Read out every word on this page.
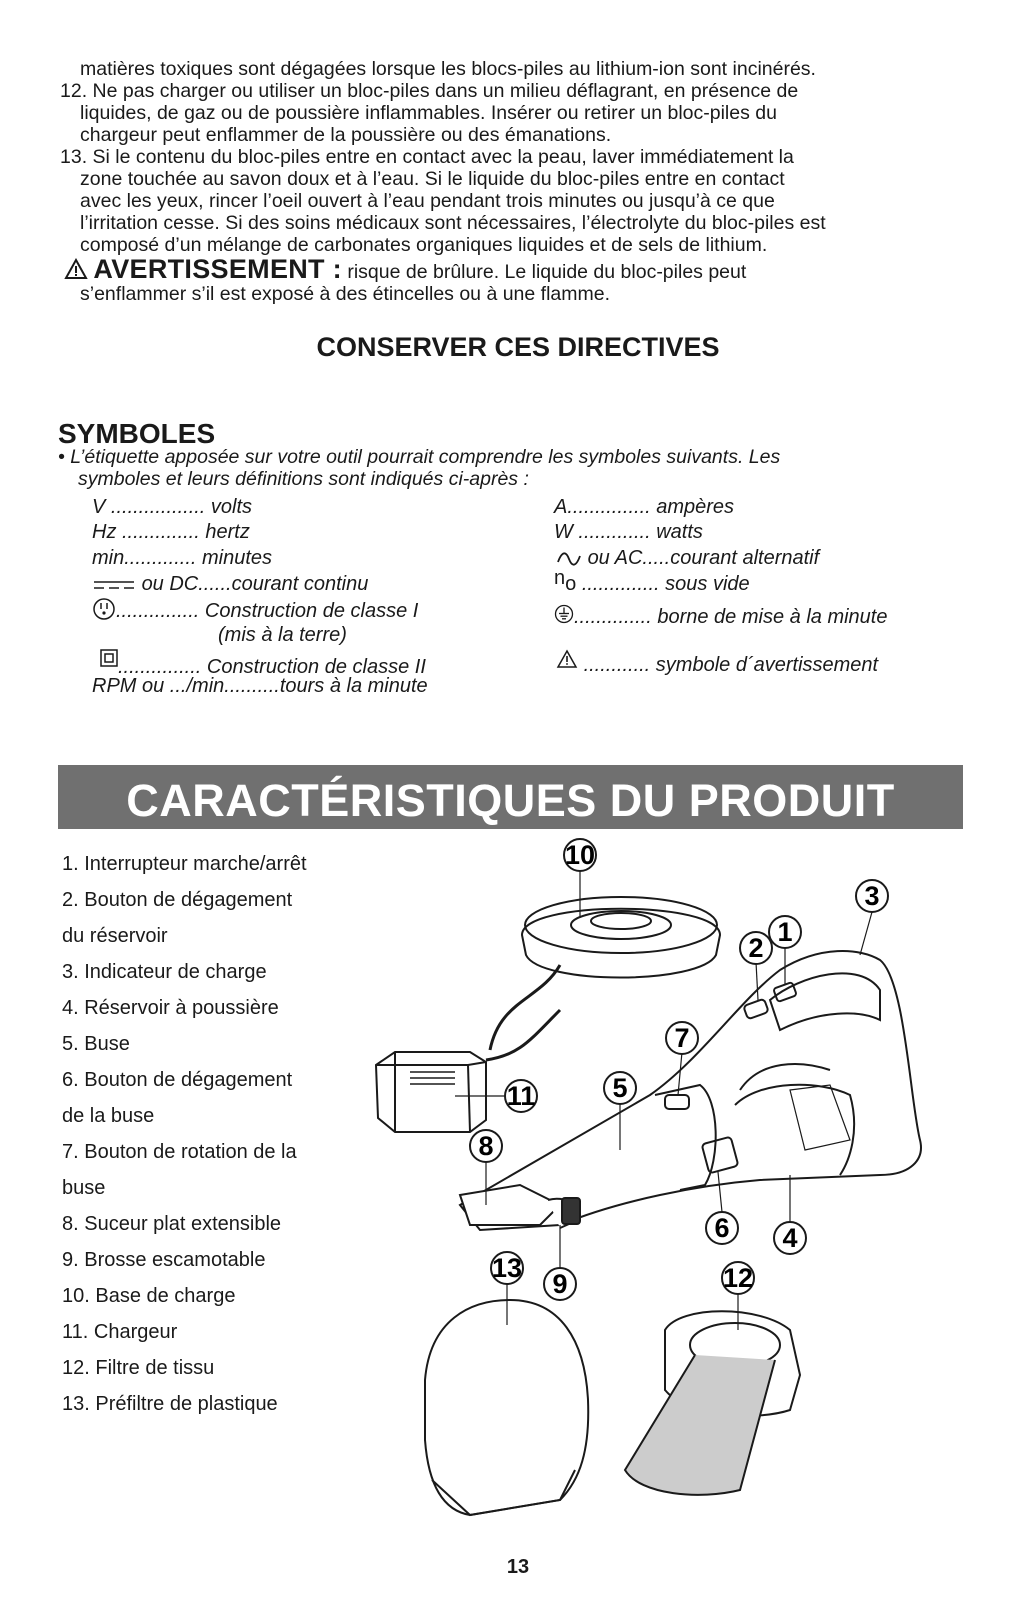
matières toxiques sont dégagées lorsque les blocs-piles au lithium-ion sont incinérés.
12. Ne pas charger ou utiliser un bloc-piles dans un milieu déflagrant, en présence de
liquides, de gaz ou de poussière inflammables. Insérer ou retirer un bloc-piles du
chargeur peut enflammer de la poussière ou des émanations.
13. Si le contenu du bloc-piles entre en contact avec la peau, laver immédiatement la
zone touchée au savon doux et à l’eau. Si le liquide du bloc-piles entre en contact
avec les yeux, rincer l’oeil ouvert à l’eau pendant trois minutes ou jusqu’à ce que
l’irritation cesse. Si des soins médicaux sont nécessaires, l’électrolyte du bloc-piles est
composé d’un mélange de carbonates organiques liquides et de sels de lithium.
AVERTISSEMENT : risque de brûlure. Le liquide du bloc-piles peut
s’enflammer s’il est exposé à des étincelles ou à une flamme.
CONSERVER CES DIRECTIVES
SYMBOLES
• L’étiquette apposée sur votre outil pourrait comprendre les symboles suivants. Les
symboles et leurs définitions sont indiqués ci-après :
V ................. volts
Hz .............. hertz
min............. minutes
ou DC......courant continu
............... Construction de classe I
(mis à la terre)
............... Construction de classe II
RPM ou .../min..........tours à la minute
A............... ampères
W ............. watts
ou AC.....courant alternatif
no .............. sous vide
.............. borne de mise à la minute
............ symbole d´avertissement
CARACTÉRISTIQUES DU PRODUIT
1. Interrupteur marche/arrêt
2. Bouton de dégagement
du réservoir
3. Indicateur de charge
4. Réservoir à poussière
5. Buse
6. Bouton de dégagement
de la buse
7. Bouton de rotation de la
buse
8. Suceur plat extensible
9. Brosse escamotable
10. Base de charge
11. Chargeur
12. Filtre de tissu
13. Préfiltre de plastique
10
3
2
1
7
5
11
8
6 4
13
9	12
13
